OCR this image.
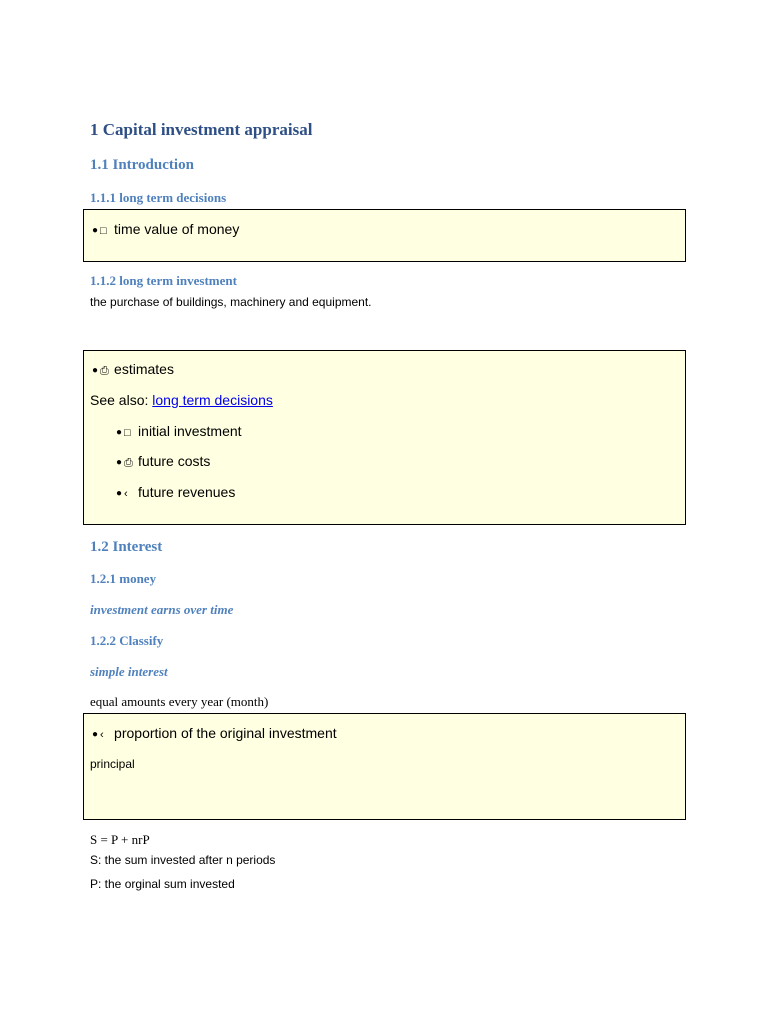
1 Capital investment appraisal
1.1 Introduction
1.1.1 long term decisions
● □ time value of money
1.1.2 long term investment
the purchase of buildings, machinery and equipment.
● ⎙ estimates
See also: long term decisions
● □ initial investment
● ⎙ future costs
● ‹ future revenues
1.2 Interest
1.2.1 money
investment earns over time
1.2.2 Classify
simple interest
equal amounts every year (month)
● ‹ proportion of the original investment
principal
S = P + nrP
S: the sum invested after n periods
P: the orginal sum invested
